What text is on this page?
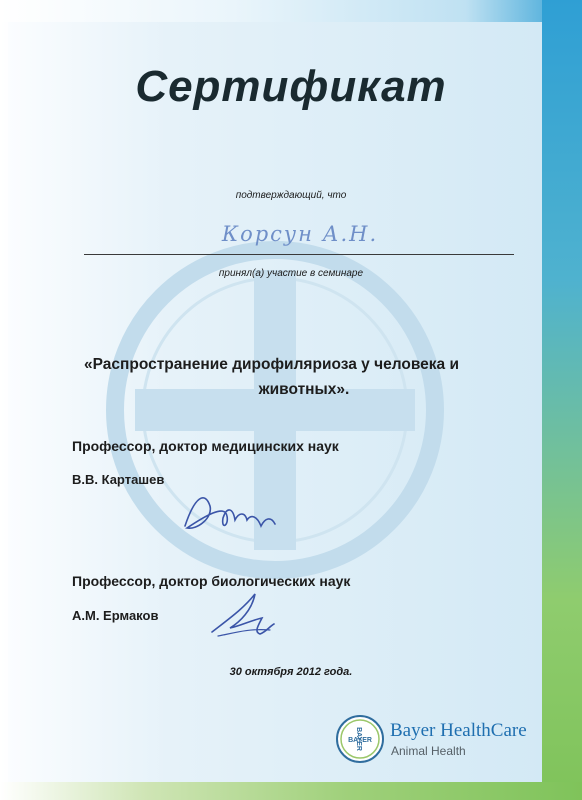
Сертификат
подтверждающий, что
Корсун А.Н.
принял(а) участие в семинаре
«Распространение дирофиляриоза у человека и
животных».
Профессор, доктор медицинских наук
В.В. Карташев
Профессор, доктор биологических наук
А.М. Ермаков
30 октября 2012 года.
BAYER
BAYER Bayer HealthCare
Animal Health
